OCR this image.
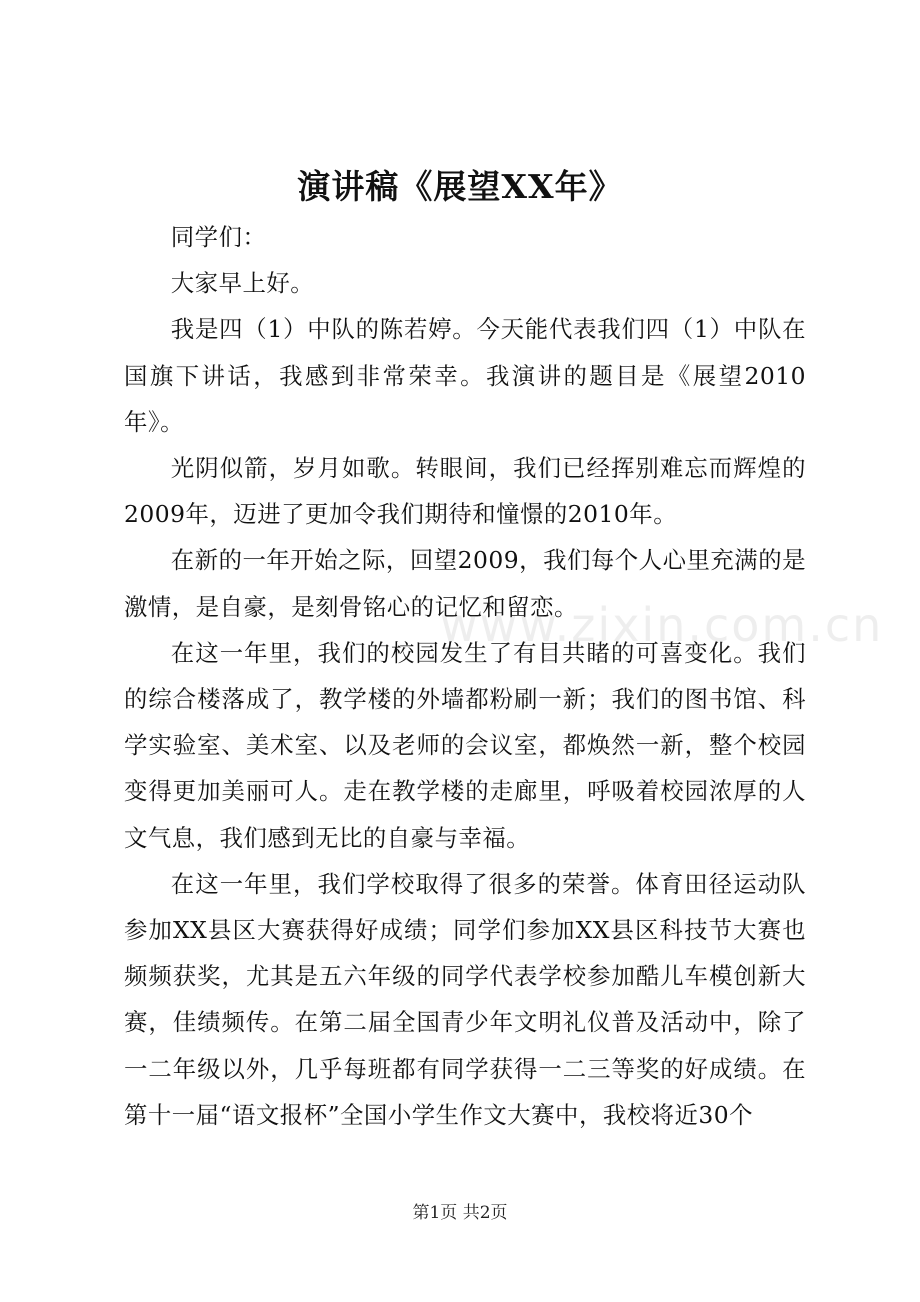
演讲稿《展望XX年》

同学们：

大家早上好。

我是四（1）中队的陈若婷。今天能代表我们四（1）中队在国旗下讲话，我感到非常荣幸。我演讲的题目是《展望2010年》。

光阴似箭，岁月如歌。转眼间，我们已经挥别难忘而辉煌的2009年，迈进了更加令我们期待和憧憬的2010年。

在新的一年开始之际，回望2009，我们每个人心里充满的是激情，是自豪，是刻骨铭心的记忆和留恋。

在这一年里，我们的校园发生了有目共睹的可喜变化。我们的综合楼落成了，教学楼的外墙都粉刷一新；我们的图书馆、科学实验室、美术室、以及老师的会议室，都焕然一新，整个校园变得更加美丽可人。走在教学楼的走廊里，呼吸着校园浓厚的人文气息，我们感到无比的自豪与幸福。

在这一年里，我们学校取得了很多的荣誉。体育田径运动队参加XX县区大赛获得好成绩；同学们参加XX县区科技节大赛也频频获奖，尤其是五六年级的同学代表学校参加酷儿车模创新大赛，佳绩频传。在第二届全国青少年文明礼仪普及活动中，除了一二年级以外，几乎每班都有同学获得一二三等奖的好成绩。在第十一届“语文报杯”全国小学生作文大赛中，我校将近30个

www.zixin.com.cn
第1页 共2页
